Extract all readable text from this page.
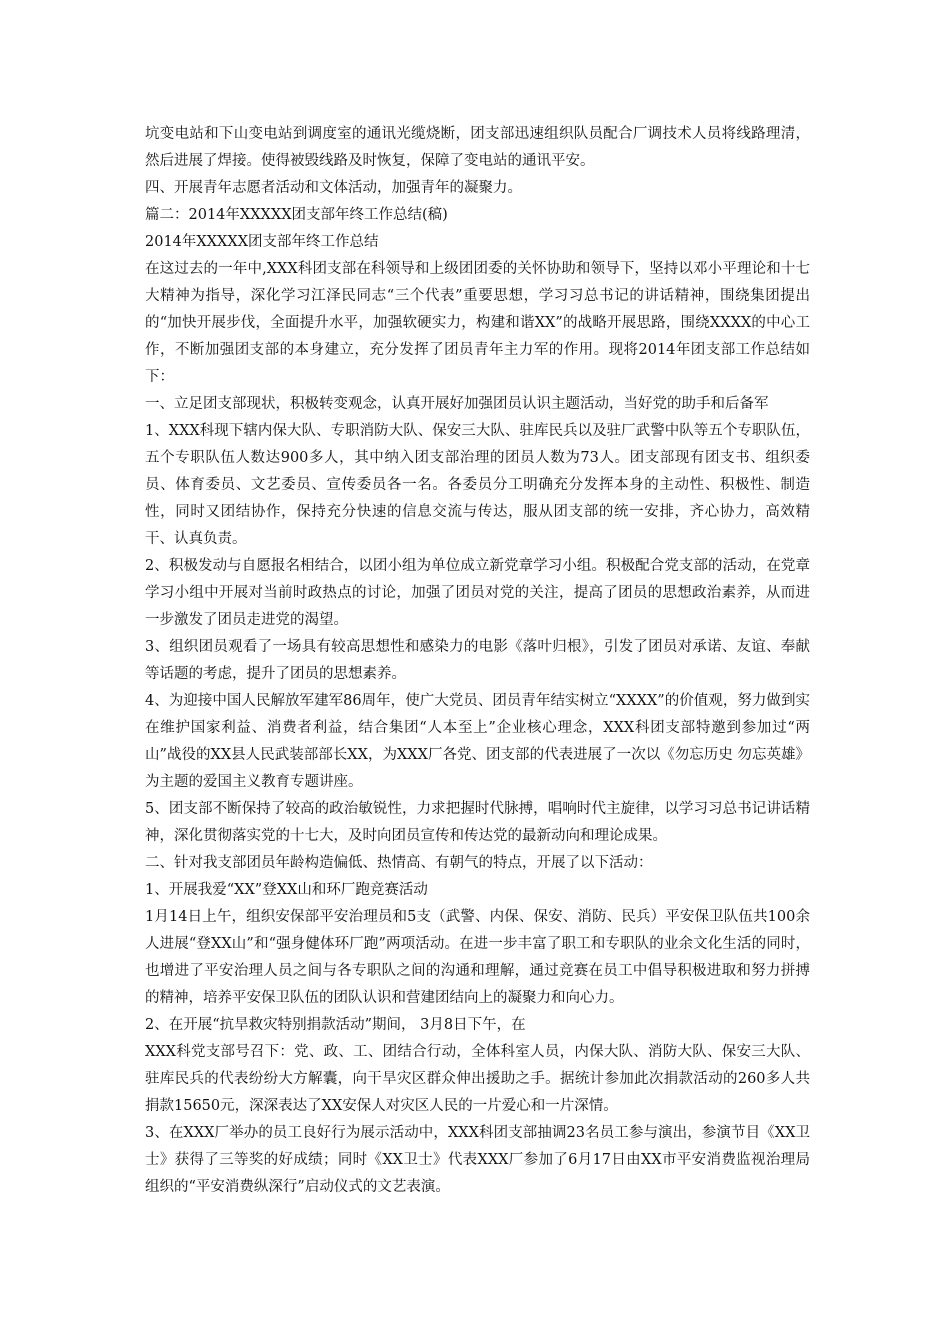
坑变电站和下山变电站到调度室的通讯光缆烧断，团支部迅速组织队员配合厂调技术人员将线路理清，然后进展了焊接。使得被毁线路及时恢复，保障了变电站的通讯平安。

四、开展青年志愿者活动和文体活动，加强青年的凝聚力。

篇二：2014年XXXXX团支部年终工作总结(稿)

2014年XXXXX团支部年终工作总结

在这过去的一年中,XXX科团支部在科领导和上级团团委的关怀协助和领导下，坚持以邓小平理论和十七大精神为指导，深化学习江泽民同志“三个代表”重要思想，学习习总书记的讲话精神，围绕集团提出的“加快开展步伐，全面提升水平，加强软硬实力，构建和谐XX”的战略开展思路，围绕XXXX的中心工作，不断加强团支部的本身建立，充分发挥了团员青年主力军的作用。现将2014年团支部工作总结如下：

一、立足团支部现状，积极转变观念，认真开展好加强团员认识主题活动，当好党的助手和后备军

1、XXX科现下辖内保大队、专职消防大队、保安三大队、驻库民兵以及驻厂武警中队等五个专职队伍，五个专职队伍人数达900多人，其中纳入团支部治理的团员人数为73人。团支部现有团支书、组织委员、体育委员、文艺委员、宣传委员各一名。各委员分工明确充分发挥本身的主动性、积极性、制造性，同时又团结协作，保持充分快速的信息交流与传达，服从团支部的统一安排，齐心协力，高效精干、认真负责。

2、积极发动与自愿报名相结合，以团小组为单位成立新党章学习小组。积极配合党支部的活动，在党章学习小组中开展对当前时政热点的讨论，加强了团员对党的关注，提高了团员的思想政治素养，从而进一步激发了团员走进党的渴望。

3、组织团员观看了一场具有较高思想性和感染力的电影《落叶归根》，引发了团员对承诺、友谊、奉献等话题的考虑，提升了团员的思想素养。

4、为迎接中国人民解放军建军86周年，使广大党员、团员青年结实树立“XXXX”的价值观，努力做到实在维护国家利益、消费者利益，结合集团“人本至上”企业核心理念，XXX科团支部特邀到参加过“两山”战役的XX县人民武装部部长XX，为XXX厂各党、团支部的代表进展了一次以《勿忘历史 勿忘英雄》为主题的爱国主义教育专题讲座。

5、团支部不断保持了较高的政治敏锐性，力求把握时代脉搏，唱响时代主旋律，以学习习总书记讲话精神，深化贯彻落实党的十七大，及时向团员宣传和传达党的最新动向和理论成果。

二、针对我支部团员年龄构造偏低、热情高、有朝气的特点，开展了以下活动：

1、开展我爱“XX”登XX山和环厂跑竞赛活动

1月14日上午，组织安保部平安治理员和5支（武警、内保、保安、消防、民兵）平安保卫队伍共100余人进展“登XX山”和“强身健体环厂跑”两项活动。在进一步丰富了职工和专职队的业余文化生活的同时，也增进了平安治理人员之间与各专职队之间的沟通和理解，通过竞赛在员工中倡导积极进取和努力拼搏的精神，培养平安保卫队伍的团队认识和营建团结向上的凝聚力和向心力。

2、在开展“抗旱救灾特别捐款活动”期间， 3月8日下午，在

XXX科党支部号召下：党、政、工、团结合行动，全体科室人员，内保大队、消防大队、保安三大队、驻库民兵的代表纷纷大方解囊，向干旱灾区群众伸出援助之手。据统计参加此次捐款活动的260多人共捐款15650元，深深表达了XX安保人对灾区人民的一片爱心和一片深情。

3、在XXX厂举办的员工良好行为展示活动中，XXX科团支部抽调23名员工参与演出，参演节目《XX卫士》获得了三等奖的好成绩；同时《XX卫士》代表XXX厂参加了6月17日由XX市平安消费监视治理局组织的“平安消费纵深行”启动仪式的文艺表演。
